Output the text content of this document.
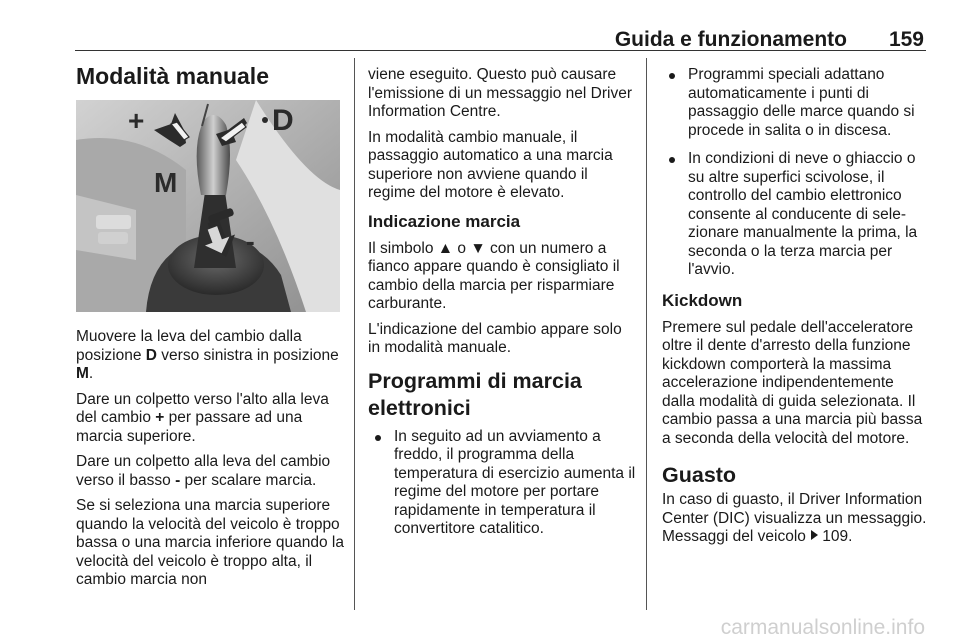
Guida e funzionamento	159
Modalità manuale
+	D
M
-

Muovere la leva del cambio dalla posizione D verso sinistra in posizione M.

Dare un colpetto verso l'alto alla leva del cambio + per passare ad una marcia superiore.

Dare un colpetto alla leva del cambio verso il basso - per scalare marcia.

Se si seleziona una marcia superiore quando la velocità del veicolo è troppo bassa o una marcia inferiore quando la velocità del veicolo è troppo alta, il cambio marcia non

viene eseguito. Questo può causare l'emissione di un messaggio nel Driver Information Centre.

In modalità cambio manuale, il passaggio automatico a una marcia superiore non avviene quando il regime del motore è elevato.

Indicazione marcia

Il simbolo ▲ o ▼ con un numero a fianco appare quando è consigliato il cambio della marcia per risparmiare carburante.

L'indicazione del cambio appare solo in modalità manuale.

Programmi di marcia elettronici
In seguito ad un avviamento a freddo, il programma della temperatura di esercizio aumenta il regime del motore per portare rapidamente in temperatura il convertitore catalitico.
Programmi speciali adattano automaticamente i punti di passaggio delle marce quando si procede in salita o in discesa.
In condizioni di neve o ghiaccio o su altre superfici scivolose, il controllo del cambio elettronico consente al conducente di selezionare manualmente la prima, la seconda o la terza marcia per l'avvio.
Kickdown

Premere sul pedale dell'acceleratore oltre il dente d'arresto della funzione kickdown comporterà la massima accelerazione indipendentemente dalla modalità di guida selezionata. Il cambio passa a una marcia più bassa a seconda della velocità del motore.

Guasto

In caso di guasto, il Driver Information Center (DIC) visualizza un messaggio. Messaggi del veicolo 109.

carmanualsonline.info
